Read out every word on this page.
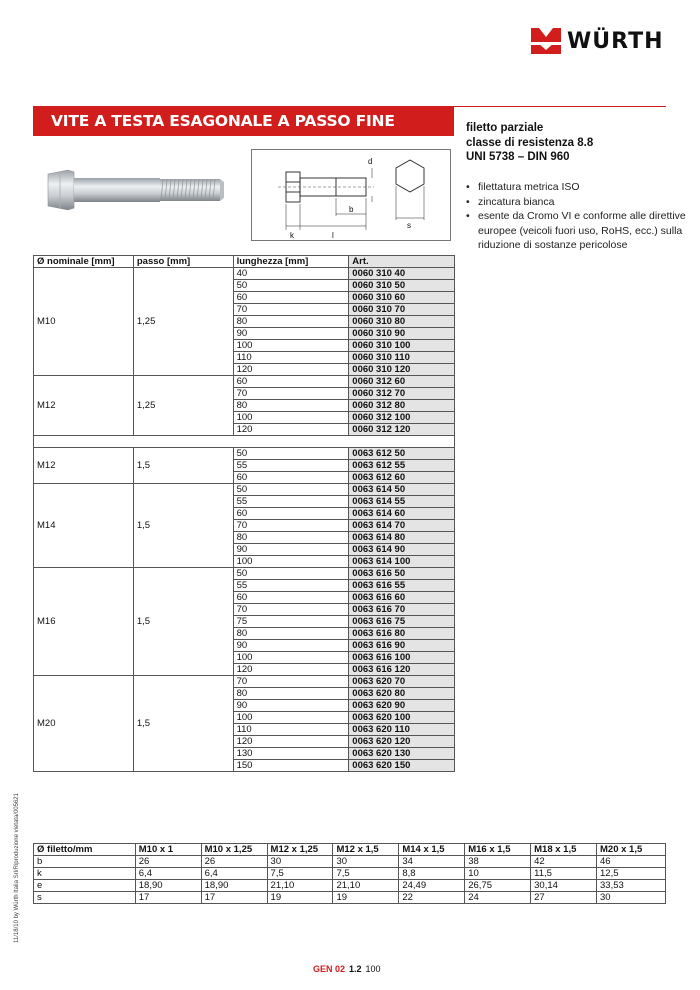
WÜRTH
VITE A TESTA ESAGONALE A PASSO FINE	filetto parziale
classe di resistenza 8.8
UNI 5738 – DIN 960
• filettatura metrica ISO
• zincatura bianca
• esente da Cromo VI e conforme alle direttive europee (veicoli fuori uso, RoHS, ecc.) sulla riduzione di sostanze pericolose
d
k	l
b
s
Ø nominale [mm]	passo [mm]	lunghezza [mm]	Art.
M10	1,25	40	0060 310 40
		50	0060 310 50
		60	0060 310 60
		70	0060 310 70
		80	0060 310 80
		90	0060 310 90
		100	0060 310 100
		110	0060 310 110
		120	0060 310 120
M12	1,25	60	0060 312 60
		70	0060 312 70
		80	0060 312 80
		100	0060 312 100
		120	0060 312 120

M12	1,5	50	0063 612 50
		55	0063 612 55
		60	0063 612 60
M14	1,5	50	0063 614 50
		55	0063 614 55
		60	0063 614 60
		70	0063 614 70
		80	0063 614 80
		90	0063 614 90
		100	0063 614 100
M16	1,5	50	0063 616 50
		55	0063 616 55
		60	0063 616 60
		70	0063 616 70
		75	0063 616 75
		80	0063 616 80
		90	0063 616 90
		100	0063 616 100
		120	0063 616 120
M20	1,5	70	0063 620 70
		80	0063 620 80
		90	0063 620 90
		100	0063 620 100
		110	0063 620 110
		120	0063 620 120
		130	0063 620 130
		150	0063 620 150
Ø filetto/mm	M10 x 1	M10 x 1,25	M12 x 1,25	M12 x 1,5	M14 x 1,5	M16 x 1,5	M18 x 1,5	M20 x 1,5
b	26	26	30	30	34	38	42	46
k	6,4	6,4	7,5	7,5	8,8	10	11,5	12,5
e	18,90	18,90	21,10	21,10	24,49	26,75	30,14	33,53
s	17	17	19	19	22	24	27	30
11/18/10 by Würth Italia Srl/Riproduzione vietata/005621
GEN 02 1.2 100
